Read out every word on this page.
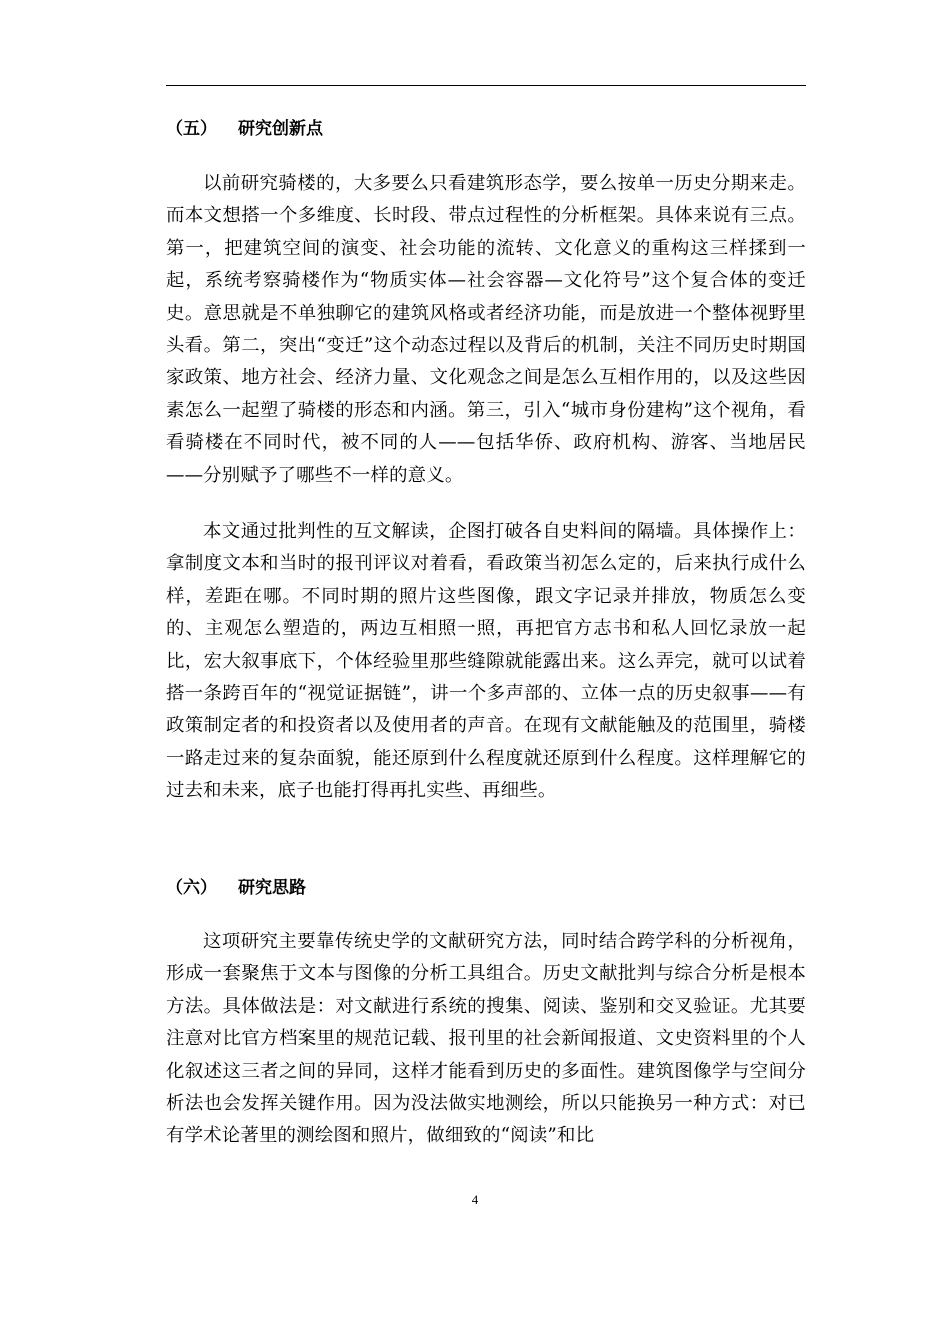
（五） 研究创新点

以前研究骑楼的，大多要么只看建筑形态学，要么按单一历史分期来走。而本文想搭一个多维度、长时段、带点过程性的分析框架。具体来说有三点。第一，把建筑空间的演变、社会功能的流转、文化意义的重构这三样揉到一起，系统考察骑楼作为“物质实体—社会容器—文化符号”这个复合体的变迁史。意思就是不单独聊它的建筑风格或者经济功能，而是放进一个整体视野里头看。第二，突出“变迁”这个动态过程以及背后的机制，关注不同历史时期国家政策、地方社会、经济力量、文化观念之间是怎么互相作用的，以及这些因素怎么一起塑了骑楼的形态和内涵。第三，引入“城市身份建构”这个视角，看看骑楼在不同时代，被不同的人——包括华侨、政府机构、游客、当地居民——分别赋予了哪些不一样的意义。

本文通过批判性的互文解读，企图打破各自史料间的隔墙。具体操作上：拿制度文本和当时的报刊评议对着看，看政策当初怎么定的，后来执行成什么样，差距在哪。不同时期的照片这些图像，跟文字记录并排放，物质怎么变的、主观怎么塑造的，两边互相照一照，再把官方志书和私人回忆录放一起比，宏大叙事底下，个体经验里那些缝隙就能露出来。这么弄完，就可以试着搭一条跨百年的“视觉证据链”，讲一个多声部的、立体一点的历史叙事——有政策制定者的和投资者以及使用者的声音。在现有文献能触及的范围里，骑楼一路走过来的复杂面貌，能还原到什么程度就还原到什么程度。这样理解它的过去和未来，底子也能打得再扎实些、再细些。

（六） 研究思路

这项研究主要靠传统史学的文献研究方法，同时结合跨学科的分析视角，形成一套聚焦于文本与图像的分析工具组合。历史文献批判与综合分析是根本方法。具体做法是：对文献进行系统的搜集、阅读、鉴别和交叉验证。尤其要注意对比官方档案里的规范记载、报刊里的社会新闻报道、文史资料里的个人化叙述这三者之间的异同，这样才能看到历史的多面性。建筑图像学与空间分析法也会发挥关键作用。因为没法做实地测绘，所以只能换另一种方式：对已有学术论著里的测绘图和照片，做细致的“阅读”和比

4
